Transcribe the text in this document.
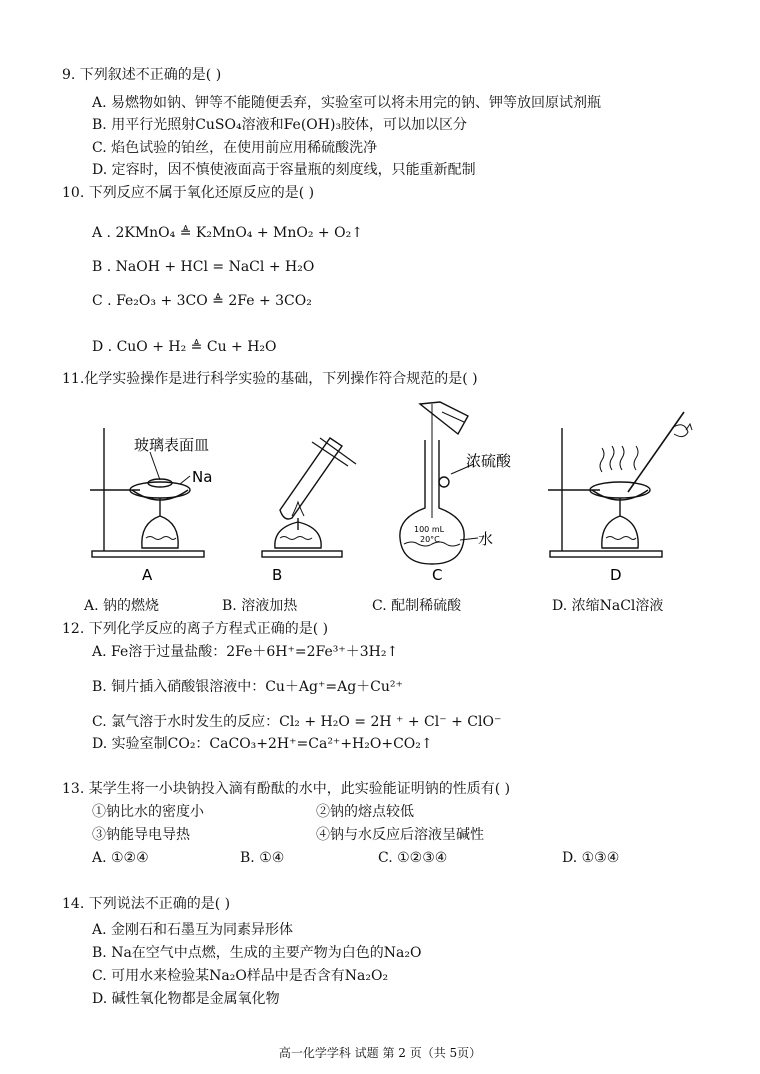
9. 下列叙述不正确的是( )
A. 易燃物如钠、钾等不能随便丢弃，实验室可以将未用完的钠、钾等放回原试剂瓶
B. 用平行光照射CuSO₄溶液和Fe(OH)₃胶体，可以加以区分
C. 焰色试验的铂丝，在使用前应用稀硫酸洗净
D. 定容时，因不慎使液面高于容量瓶的刻度线，只能重新配制
10. 下列反应不属于氧化还原反应的是( )
A . 2KMnO₄ ≜ K₂MnO₄ + MnO₂ + O₂↑
B . NaOH + HCl = NaCl + H₂O
C . Fe₂O₃ + 3CO ≜ 2Fe + 3CO₂
D . CuO + H₂ ≜ Cu + H₂O
11.化学实验操作是进行科学实验的基础，下列操作符合规范的是( )
玻璃表面皿
Na
浓硫酸
100 mL
20°C	水
A	B	C	D
A. 钠的燃烧	B. 溶液加热	C. 配制稀硫酸	D. 浓缩NaCl溶液
12. 下列化学反应的离子方程式正确的是( )
A. Fe溶于过量盐酸：2Fe＋6H⁺=2Fe³⁺＋3H₂↑
B. 铜片插入硝酸银溶液中：Cu＋Ag⁺=Ag＋Cu²⁺
C. 氯气溶于水时发生的反应：Cl₂ + H₂O = 2H ⁺ + Cl⁻ + ClO⁻
D. 实验室制CO₂：CaCO₃+2H⁺=Ca²⁺+H₂O+CO₂↑
13. 某学生将一小块钠投入滴有酚酞的水中，此实验能证明钠的性质有( )
①钠比水的密度小	②钠的熔点较低
③钠能导电导热	④钠与水反应后溶液呈碱性
A. ①②④	B. ①④	C. ①②③④	D. ①③④
14. 下列说法不正确的是( )
A. 金刚石和石墨互为同素异形体
B. Na在空气中点燃，生成的主要产物为白色的Na₂O
C. 可用水来检验某Na₂O样品中是否含有Na₂O₂
D. 碱性氧化物都是金属氧化物
高一化学学科 试题 第 2 页（共 5页）
